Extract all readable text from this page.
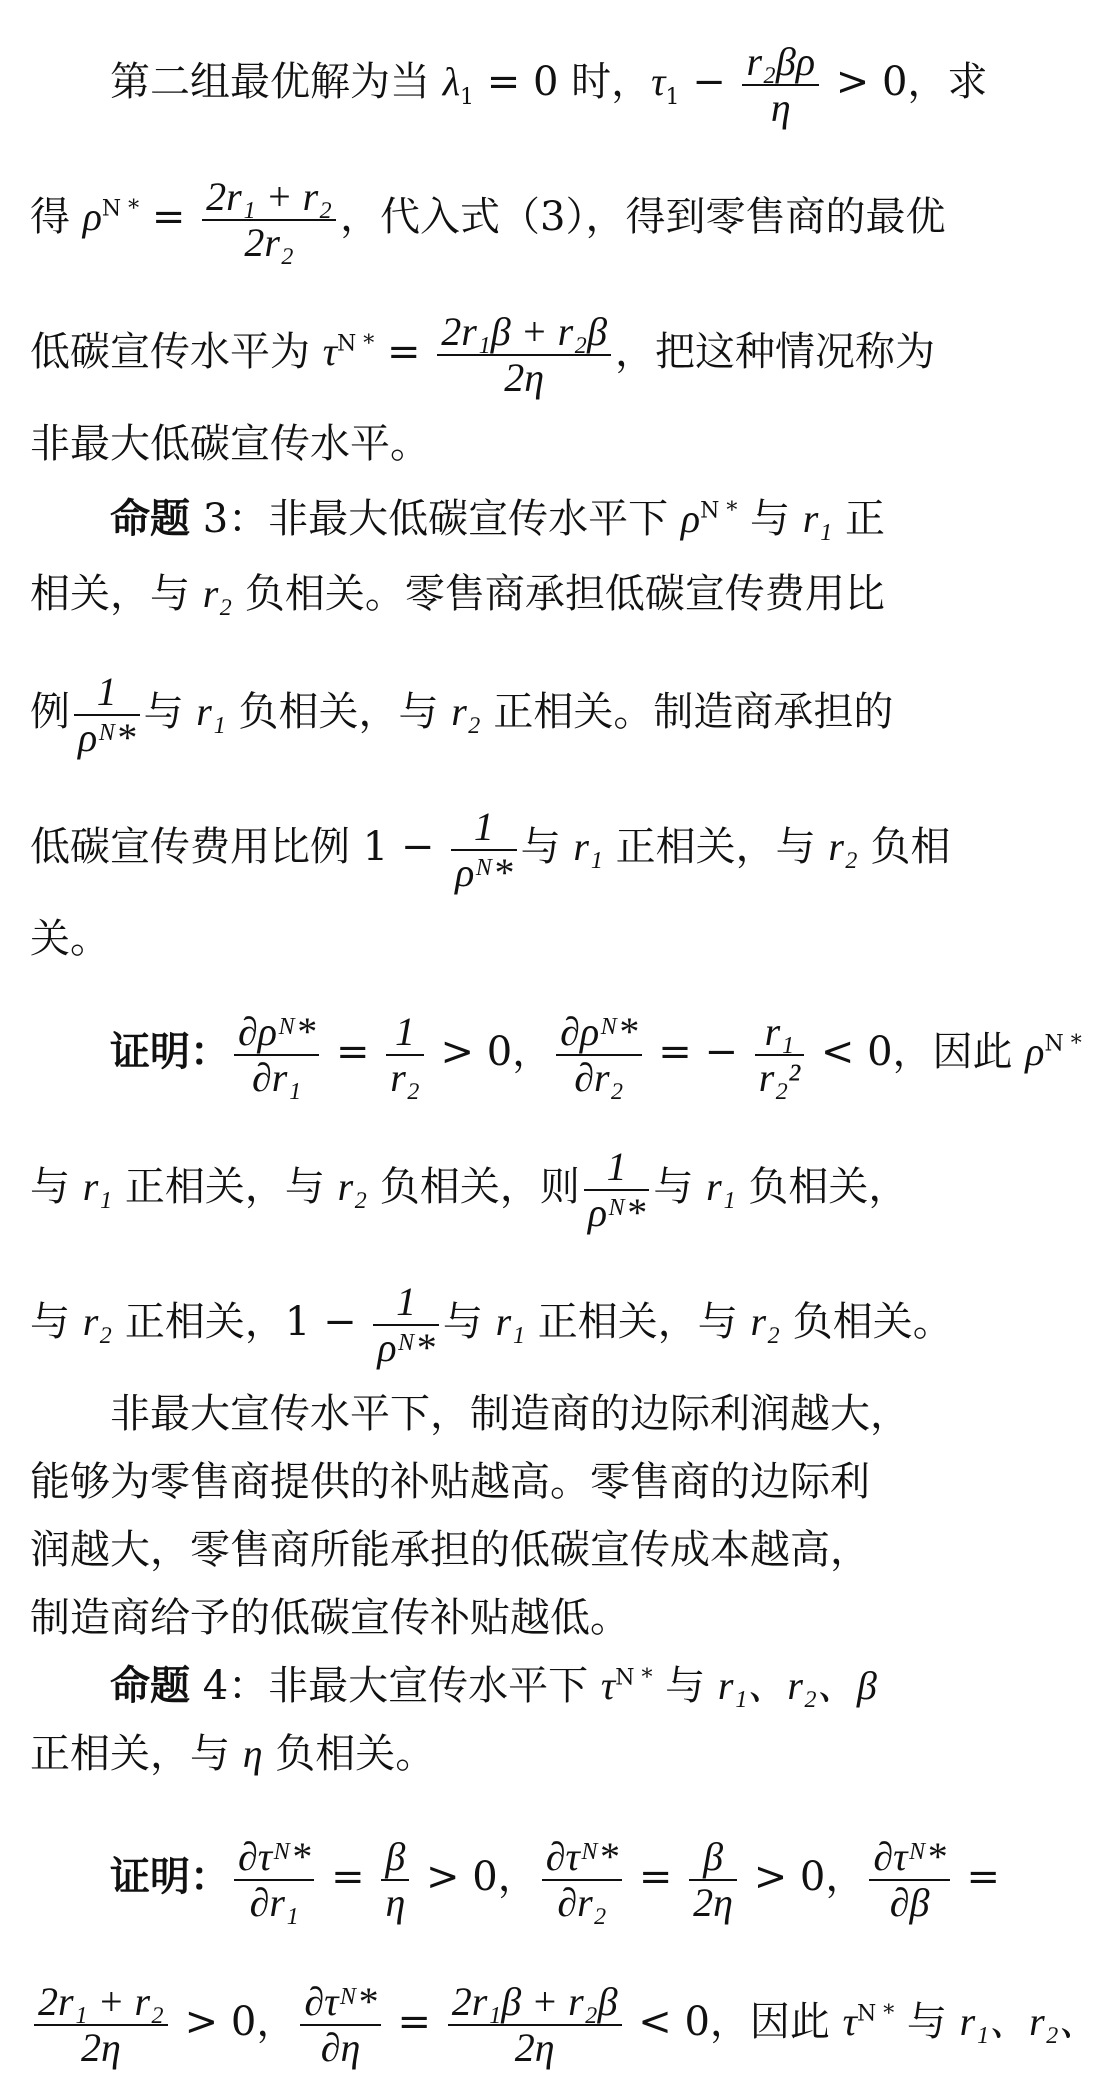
第二组最优解为当 $\lambda_1 = 0$ 时，$\tau_1 - \frac{\text{r₂βρ}}{\eta} > 0$，求
得 $\rho^{N *} = \frac{\text{2r₁ + r₂}}{\text{2r₂}}$ ，代入式（3），得到零售商的最优
低碳宣传水平为 $\tau^{N *} = \frac{\text{2r₁β + r₂β}}{2\eta}$ ，把这种情况称为
非最大低碳宣传水平。
命题 3：非最大低碳宣传水平下 $\rho^{N *}$ 与 r₁ 正
相关，与 r₂ 负相关。零售商承担低碳宣传费用比
例 $\frac{1}{\text{ρᴺ*}}$ 与 r₁ 负相关，与 r₂ 正相关。制造商承担的
低碳宣传费用比例 $1 - \frac{1}{\text{ρᴺ*}}$ 与 r₁ 正相关，与 r₂ 负相
关。
证明： $\frac{\text{∂ρᴺ*}}{\text{∂r₁}} = \frac{1}{\text{r₂}} > 0$， $\frac{\text{∂ρᴺ*}}{\text{∂r₂}}$ = − $\frac{\text{r₁}}{\text{r₂²}} < 0$，因此 $\rho^{N *}$
与 r₁ 正相关，与 r₂ 负相关，则 $\frac{1}{\text{ρᴺ*}}$ 与 r₁ 负相关，
与 r₂ 正相关，$1 - \frac{1}{\text{ρᴺ*}}$ 与 r₁ 正相关，与 r₂ 负相关。
非最大宣传水平下，制造商的边际利润越大，
能够为零售商提供的补贴越高。零售商的边际利
润越大，零售商所能承担的低碳宣传成本越高，
制造商给予的低碳宣传补贴越低。
命题 4：非最大宣传水平下 $\tau^{N *}$ 与 r₁、r₂、β
正相关，与 η 负相关。
证明： $\frac{\text{∂τᴺ*}}{\text{∂r₁}} = \frac{\beta}{\eta} > 0$， $\frac{\text{∂τᴺ*}}{\text{∂r₂}} = \frac{\beta}{2\eta} > 0$， $\frac{\text{∂τᴺ*}}{\partial\beta}$ =
$\frac{\text{2r₁ + r₂}}{2\eta} > 0$， $\frac{\text{∂τᴺ*}}{\partial\eta} = \frac{\text{2r₁β + r₂β}}{2\eta} < 0$，因此 $\tau^{N *}$ 与 r₁、r₂、
